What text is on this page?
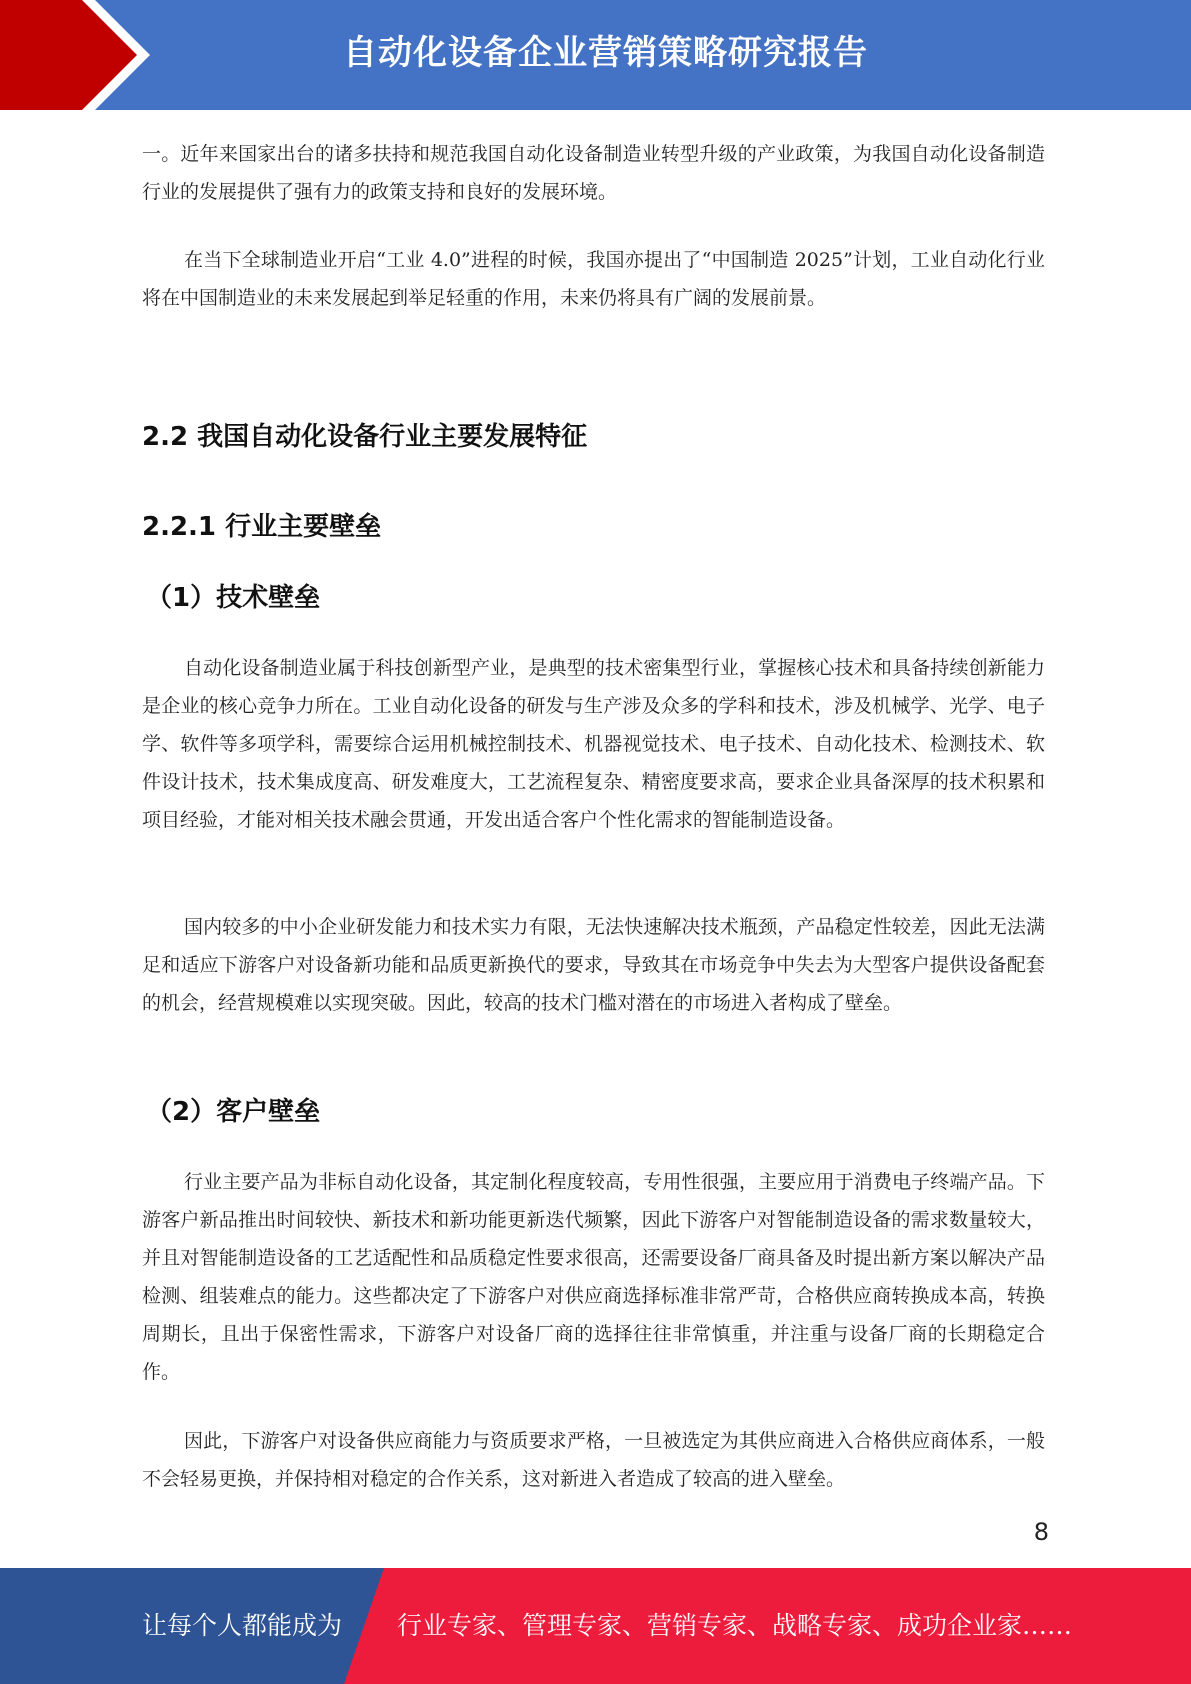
自动化设备企业营销策略研究报告

一。近年来国家出台的诸多扶持和规范我国自动化设备制造业转型升级的产业政策，为我国自动化设备制造行业的发展提供了强有力的政策支持和良好的发展环境。

在当下全球制造业开启“工业 4.0”进程的时候，我国亦提出了“中国制造 2025”计划，工业自动化行业将在中国制造业的未来发展起到举足轻重的作用，未来仍将具有广阔的发展前景。

2.2 我国自动化设备行业主要发展特征
2.2.1 行业主要壁垒
（1）技术壁垒

自动化设备制造业属于科技创新型产业，是典型的技术密集型行业，掌握核心技术和具备持续创新能力是企业的核心竞争力所在。工业自动化设备的研发与生产涉及众多的学科和技术，涉及机械学、光学、电子学、软件等多项学科，需要综合运用机械控制技术、机器视觉技术、电子技术、自动化技术、检测技术、软件设计技术，技术集成度高、研发难度大，工艺流程复杂、精密度要求高，要求企业具备深厚的技术积累和项目经验，才能对相关技术融会贯通，开发出适合客户个性化需求的智能制造设备。

国内较多的中小企业研发能力和技术实力有限，无法快速解决技术瓶颈，产品稳定性较差，因此无法满足和适应下游客户对设备新功能和品质更新换代的要求，导致其在市场竞争中失去为大型客户提供设备配套的机会，经营规模难以实现突破。因此，较高的技术门槛对潜在的市场进入者构成了壁垒。

（2）客户壁垒

行业主要产品为非标自动化设备，其定制化程度较高，专用性很强，主要应用于消费电子终端产品。下游客户新品推出时间较快、新技术和新功能更新迭代频繁，因此下游客户对智能制造设备的需求数量较大，并且对智能制造设备的工艺适配性和品质稳定性要求很高，还需要设备厂商具备及时提出新方案以解决产品检测、组装难点的能力。这些都决定了下游客户对供应商选择标准非常严苛，合格供应商转换成本高，转换周期长，且出于保密性需求，下游客户对设备厂商的选择往往非常慎重，并注重与设备厂商的长期稳定合作。

因此，下游客户对设备供应商能力与资质要求严格，一旦被选定为其供应商进入合格供应商体系，一般不会轻易更换，并保持相对稳定的合作关系，这对新进入者造成了较高的进入壁垒。

8
让每个人都能成为 行业专家、管理专家、营销专家、战略专家、成功企业家……
